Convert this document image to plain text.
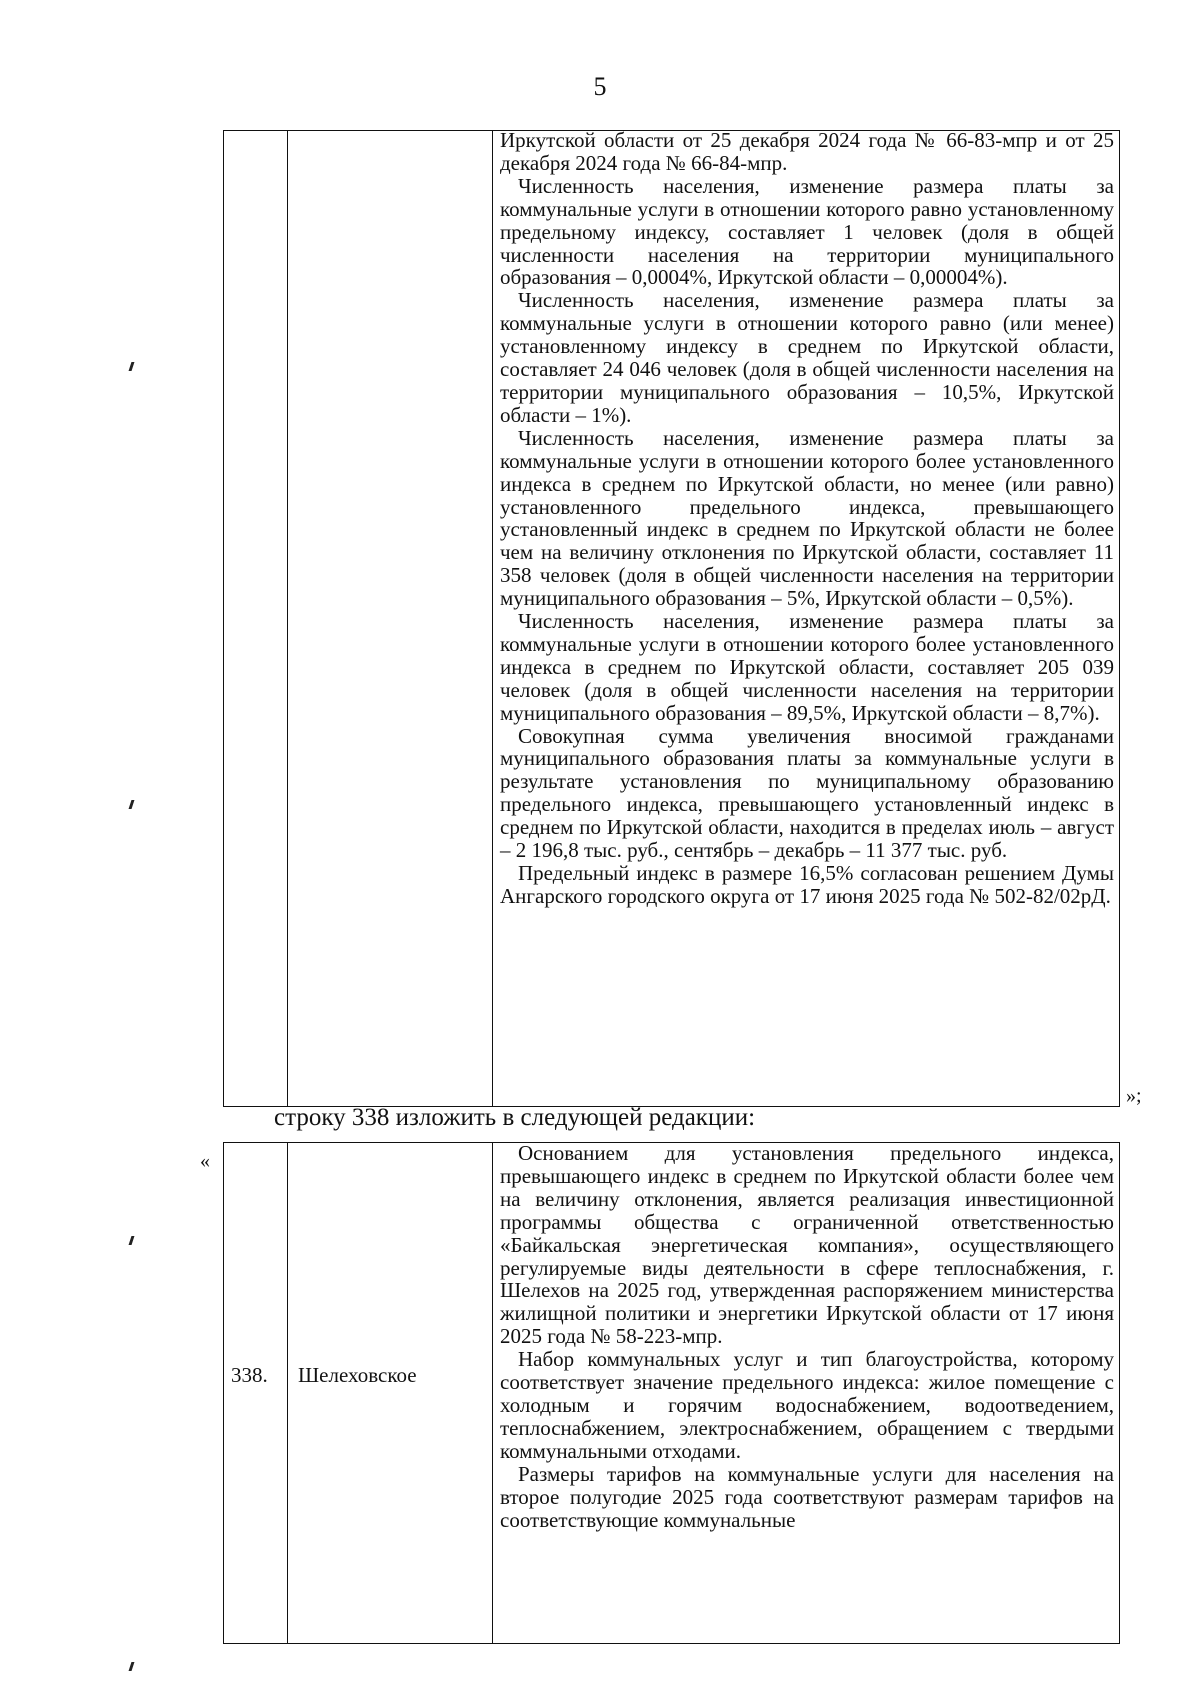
5

Иркутской области от 25 декабря 2024 года № 66-83-мпр и от 25 декабря 2024 года № 66-84-мпр.

Численность населения, изменение размера платы за коммунальные услуги в отношении которого равно установленному предельному индексу, составляет 1 человек (доля в общей численности населения на территории муниципального образования – 0,0004%, Иркутской области – 0,00004%).

Численность населения, изменение размера платы за коммунальные услуги в отношении которого равно (или менее) установленному индексу в среднем по Иркутской области, составляет 24 046 человек (доля в общей численности населения на территории муниципального образования – 10,5%, Иркутской области – 1%).

Численность населения, изменение размера платы за коммунальные услуги в отношении которого более установленного индекса в среднем по Иркутской области, но менее (или равно) установленного предельного индекса, превышающего установленный индекс в среднем по Иркутской области не более чем на величину отклонения по Иркутской области, составляет 11 358 человек (доля в общей численности населения на территории муниципального образования – 5%, Иркутской области – 0,5%).

Численность населения, изменение размера платы за коммунальные услуги в отношении которого более установленного индекса в среднем по Иркутской области, составляет 205 039 человек (доля в общей численности населения на территории муниципального образования – 89,5%, Иркутской области – 8,7%).

Совокупная сумма увеличения вносимой гражданами муниципального образования платы за коммунальные услуги в результате установления по муниципальному образованию предельного индекса, превышающего установленный индекс в среднем по Иркутской области, находится в пределах июль – август – 2 196,8 тыс. руб., сентябрь – декабрь – 11 377 тыс. руб.

Предельный индекс в размере 16,5% согласован решением Думы Ангарского городского округа от 17 июня 2025 года № 502-82/02рД.

»;
строку 338 изложить в следующей редакции:
«
338. Шелеховское

Основанием для установления предельного индекса, превышающего индекс в среднем по Иркутской области более чем на величину отклонения, является реализация инвестиционной программы общества с ограниченной ответственностью «Байкальская энергетическая компания», осуществляющего регулируемые виды деятельности в сфере теплоснабжения, г. Шелехов на 2025 год, утвержденная распоряжением министерства жилищной политики и энергетики Иркутской области от 17 июня 2025 года № 58-223-мпр.

Набор коммунальных услуг и тип благоустройства, которому соответствует значение предельного индекса: жилое помещение с холодным и горячим водоснабжением, водоотведением, теплоснабжением, электроснабжением, обращением с твердыми коммунальными отходами.

Размеры тарифов на коммунальные услуги для населения на второе полугодие 2025 года соответствуют размерам тарифов на соответствующие коммунальные
